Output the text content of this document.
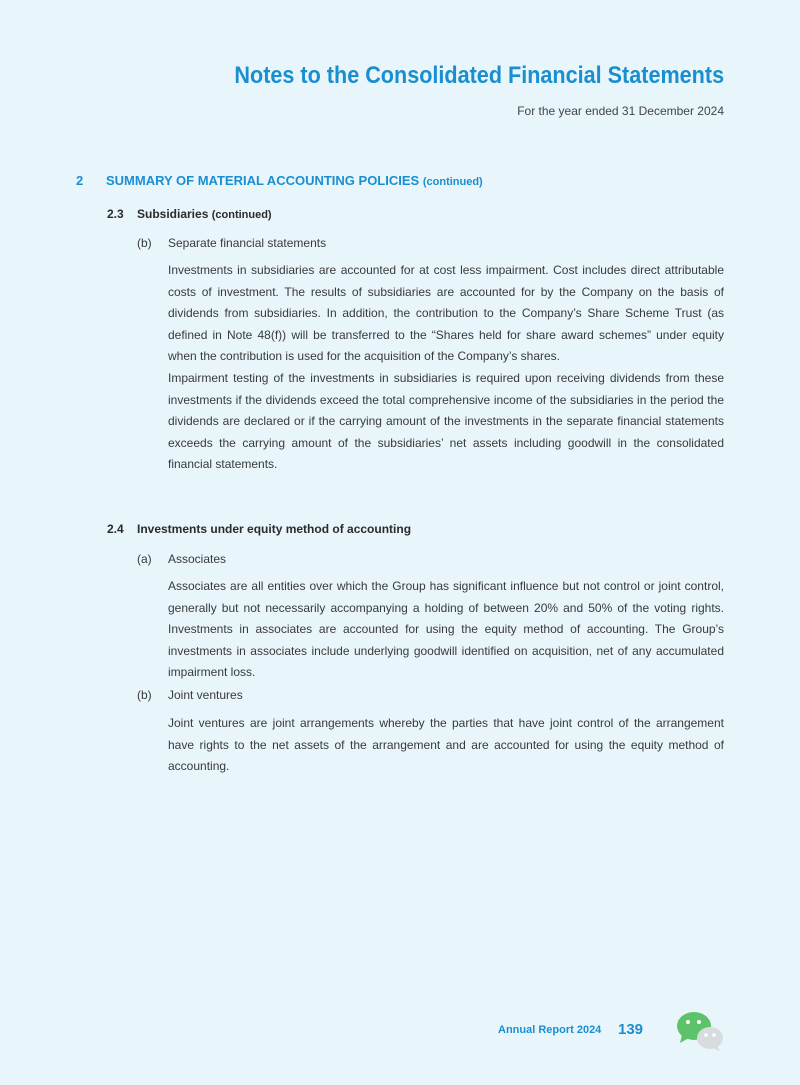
Notes to the Consolidated Financial Statements
For the year ended 31 December 2024
2 SUMMARY OF MATERIAL ACCOUNTING POLICIES (continued)
2.3 Subsidiaries (continued)
(b) Separate financial statements

Investments in subsidiaries are accounted for at cost less impairment. Cost includes direct attributable costs of investment. The results of subsidiaries are accounted for by the Company on the basis of dividends from subsidiaries. In addition, the contribution to the Company’s Share Scheme Trust (as defined in Note 48(f)) will be transferred to the “Shares held for share award schemes” under equity when the contribution is used for the acquisition of the Company’s shares.

Impairment testing of the investments in subsidiaries is required upon receiving dividends from these investments if the dividends exceed the total comprehensive income of the subsidiaries in the period the dividends are declared or if the carrying amount of the investments in the separate financial statements exceeds the carrying amount of the subsidiaries’ net assets including goodwill in the consolidated financial statements.

2.4 Investments under equity method of accounting
(a) Associates

Associates are all entities over which the Group has significant influence but not control or joint control, generally but not necessarily accompanying a holding of between 20% and 50% of the voting rights. Investments in associates are accounted for using the equity method of accounting. The Group’s investments in associates include underlying goodwill identified on acquisition, net of any accumulated impairment loss.

(b) Joint ventures

Joint ventures are joint arrangements whereby the parties that have joint control of the arrangement have rights to the net assets of the arrangement and are accounted for using the equity method of accounting.

Annual Report 2024 139
